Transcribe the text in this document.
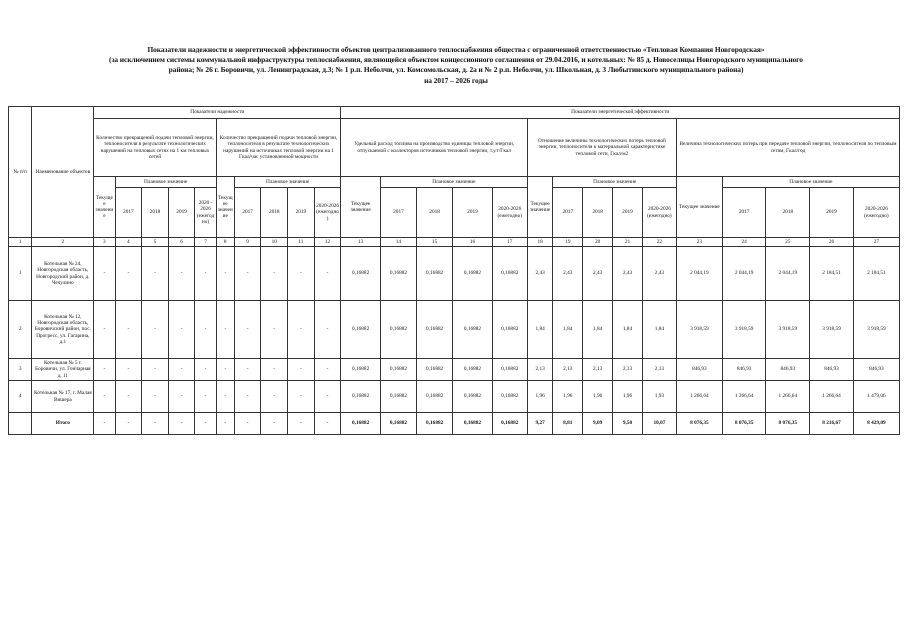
Показатели надежности и энергетической эффективности объектов централизованного теплоснабжения общества с ограниченной ответственностью «Тепловая Компания Новгородская»
(за исключением системы коммунальной инфраструктуры теплоснабжения, являющейся объектом концессионного соглашения от 29.04.2016, и котельных: № 85 д. Новоселицы Новгородского муниципального
района; № 26 г. Боровичи, ул. Ленинградская, д.3; № 1 р.п. Неболчи, ул. Комсомольская, д. 2а и № 2 р.п. Неболчи, ул. Школьная, д. 3 Любытинского муниципального района)
на 2017 – 2026 годы
№ п/п	Наименование объектов	Показатели надежности										Показатели энергетической эффективности														
		Количество прекращений подачи тепловой энергии, теплоносителя в результате технологических нарушений на тепловых сетях на 1 км тепловых сетей					Количество прекращений подачи тепловой энергии, теплоносителя в результате технологических нарушений на источниках тепловой энергии на 1 Гкал/час установленной мощности					Удельный расход топлива на производство единицы тепловой энергии, отпускаемой с коллекторов источников тепловой энергии, т.у.т/Гкал					Отношение величины технологических потерь тепловой энергии, теплоносителя к материальной характеристике тепловой сети, Гкал/м2					Величина технологических потерь при передаче тепловой энергии, теплоносителя по тепловым сетям, Гкал/год				
		Текущее значение	Плановое значение				Текущее значение	Плановое значение				Текущее значение	Плановое значение				Текущее значение	Плановое значение				Текущее значение	Плановое значение			
			2017	2018	2019	2020 - 2026 (ежегодно)		2017	2018	2019	2020-2026 (ежегодно)		2017	2018	2019	2020-2026 (ежегодно)		2017	2018	2019	2020-2026 (ежегодно)		2017	2018	2019	2020-2026 (ежегодно)
1	2	3	4	5	6	7	8	9	10	11	12	13	14	15	16	17	18	19	20	21	22	23	24	25	26	27
1	Котельная № 24, Новгородская область, Новгородский район, д. Чечулино	-	-	-	-	-	-	-	-	-	-	0,16882	0,16882	0,16882	0,16882	0,16882	2,43	2,43	2,43	2,43	2,43	2 044,19	2 044,19	2 044,19	2 184,51	2 184,51
2	Котельная № 12, Новгородская область, Боровичский район, пос. Прогресс, ул. Гагарина, д.1	-	-	-	-	-	-	-	-	-	-	0,16882	0,16882	0,16882	0,16882	0,16882	1,84	1,84	1,84	1,84	1,84	3 918,59	3 918,59	3 918,59	3 918,59	3 918,59
3	Котельная № 5 г. Боровичи, ул. Гончарная д. 11	-	-	-	-	-	-	-	-	-	-	0,16882	0,16882	0,16882	0,16882	0,16882	2,13	2,13	2,13	2,13	2,13	846,93	846,93	846,93	846,93	846,93
4	Котельная № 17, г. Малая Вишера	-	-	-	-	-	-	-	-	-	-	0,16882	0,16882	0,16882	0,16882	0,16882	1,96	1,96	1,96	1,96	1,93	1 266,64	1 266,64	1 266,64	1 266,64	1 479,06
	Итого	-	-	-	-	-	-	-	-	-	-	0,16882	0,16882	0,16882	0,16882	0,16882	9,27	8,81	9,09	9,50	10,07	8 076,35	8 076,35	8 076,35	8 216,67	8 429,09
